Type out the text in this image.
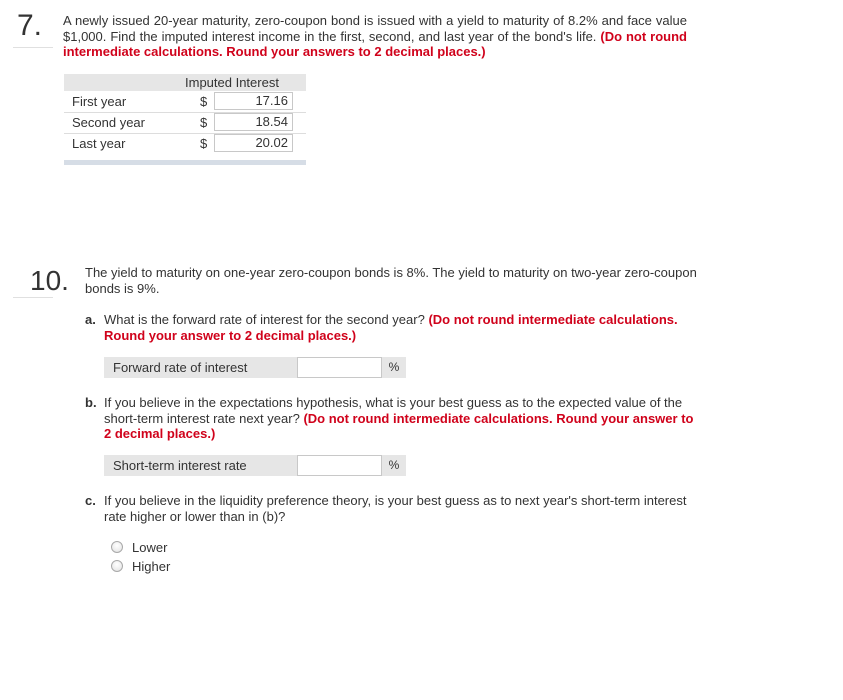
7. A newly issued 20-year maturity, zero-coupon bond is issued with a yield to maturity of 8.2% and face value $1,000. Find the imputed interest income in the first, second, and last year of the bond's life. (Do not round intermediate calculations. Round your answers to 2 decimal places.)
Imputed Interest
First year	$	17.16
Second year	$	18.54
Last year	$	20.02
10. The yield to maturity on one-year zero-coupon bonds is 8%. The yield to maturity on two-year zero-coupon bonds is 9%.
a. What is the forward rate of interest for the second year? (Do not round intermediate calculations. Round your answer to 2 decimal places.)
Forward rate of interest	%
b. If you believe in the expectations hypothesis, what is your best guess as to the expected value of the short-term interest rate next year? (Do not round intermediate calculations. Round your answer to 2 decimal places.)
Short-term interest rate	%
c. If you believe in the liquidity preference theory, is your best guess as to next year's short-term interest rate higher or lower than in (b)?
Lower
Higher
